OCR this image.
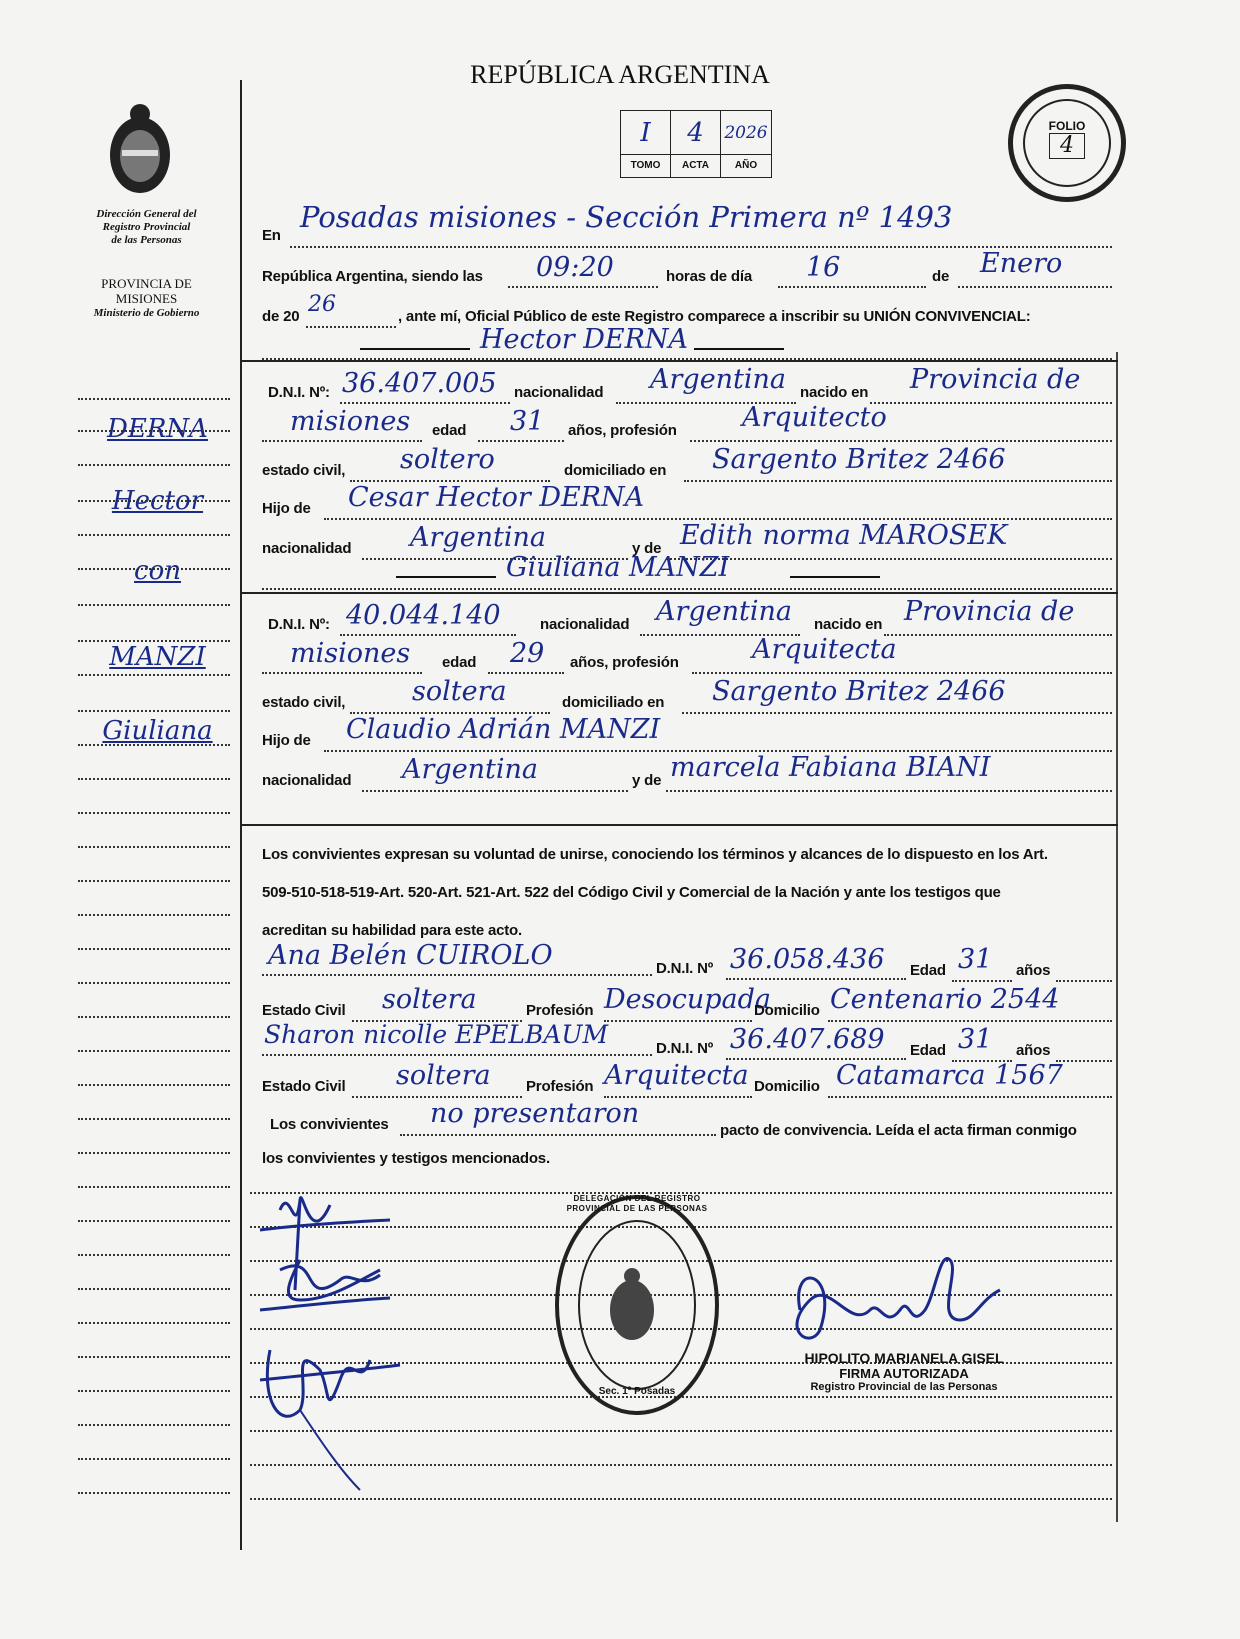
REPÚBLICA ARGENTINA
I	4	2026
TOMO	ACTA	AÑO
FOLIO
4
Dirección General del
Registro Provincial
de las Personas
PROVINCIA DE
MISIONES
Ministerio de Gobierno
DERNA
Hector
con
MANZI
Giuliana
En
Posadas misiones - Sección Primera nº 1493
República Argentina, siendo las 09:20	horas de día 16	de Enero
de 20 26	, ante mí, Oficial Público de este Registro comparece a inscribir su UNIÓN CONVIVENCIAL:
Hector DERNA
D.N.I. Nº: 36.407.005 nacionalidad Argentina nacido en Provincia de
misiones edad 31 años, profesión Arquitecto
estado civil, soltero	domiciliado en Sargento Britez 2466
Hijo de Cesar Hector DERNA
nacionalidad Argentina	y de Edith norma MAROSEK
Giuliana MANZI
D.N.I. Nº: 40.044.140	nacionalidad Argentina nacido en Provincia de
misiones edad 29 años, profesión	Arquitecta
estado civil, soltera	domiciliado en Sargento Britez 2466
Hijo de Claudio Adrián MANZI
nacionalidad Argentina	y de marcela Fabiana BIANI
Los convivientes expresan su voluntad de unirse, conociendo los términos y alcances de lo dispuesto en los Art.
509-510-518-519-Art. 520-Art. 521-Art. 522 del Código Civil y Comercial de la Nación y ante los testigos que
acreditan su habilidad para este acto.
Ana Belén CUIROLO	D.N.I. Nº 36.058.436 Edad 31 años
Estado Civil soltera	Profesión Desocupada
Domicilio Centenario 2544
Sharon nicolle EPELBAUM	D.N.I. Nº 36.407.689 Edad 31 años
Estado Civil soltera Profesión Arquitecta Domicilio Catamarca 1567
Los convivientes no presentaron
pacto de convivencia. Leída el acta firman conmigo
los convivientes y testigos mencionados.
DELEGACIÓN DEL REGISTRO PROVINCIAL DE LAS PERSONAS
Sec. 1º Posadas
HIPOLITO MARIANELA GISEL
FIRMA AUTORIZADA
Registro Provincial de las Personas
